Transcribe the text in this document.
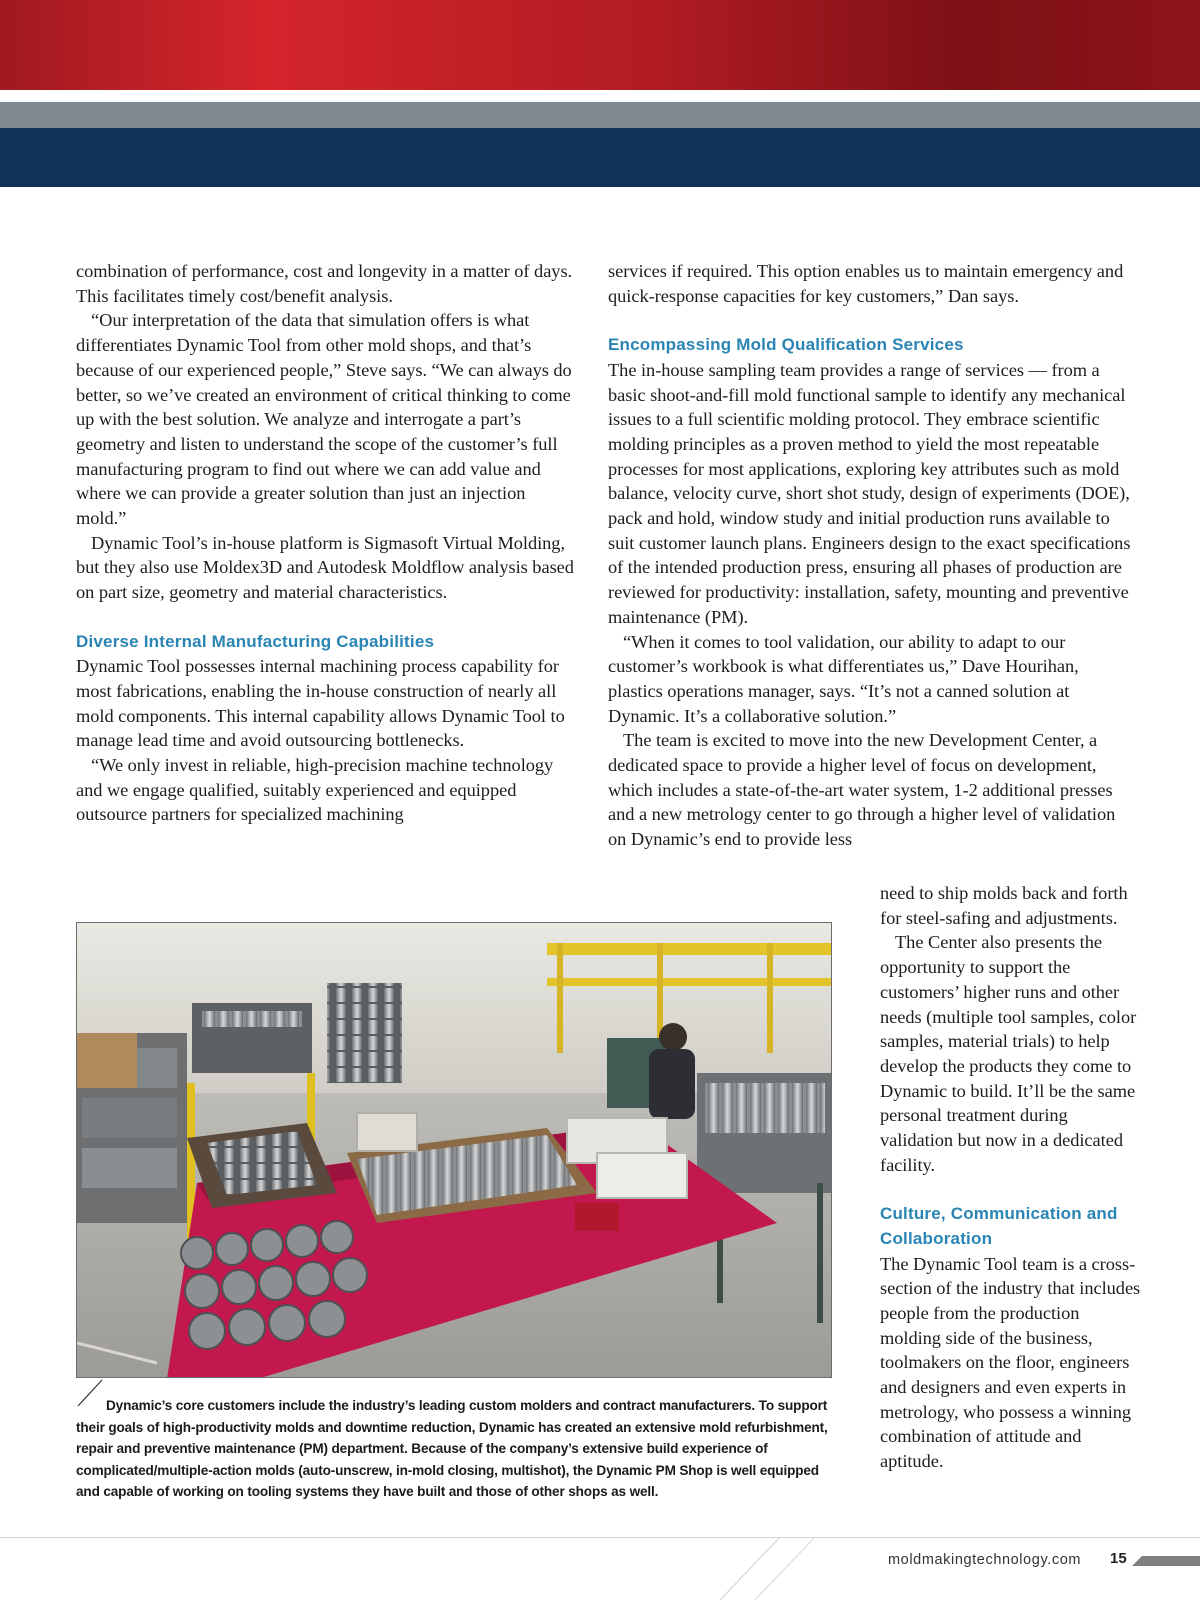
combination of performance, cost and longevity in a matter of days. This facilitates timely cost/benefit analysis.

“Our interpretation of the data that simulation offers is what differentiates Dynamic Tool from other mold shops, and that’s because of our experienced people,” Steve says. “We can always do better, so we’ve created an environment of critical thinking to come up with the best solution. We analyze and interrogate a part’s geometry and listen to understand the scope of the customer’s full manufacturing program to find out where we can add value and where we can provide a greater solution than just an injection mold.”

Dynamic Tool’s in-house platform is Sigmasoft Virtual Molding, but they also use Moldex3D and Autodesk Moldflow analysis based on part size, geometry and material characteristics.

Diverse Internal Manufacturing Capabilities

Dynamic Tool possesses internal machining process capability for most fabrications, enabling the in-house construction of nearly all mold components. This internal capability allows Dynamic Tool to manage lead time and avoid outsourcing bottlenecks.

“We only invest in reliable, high-precision machine technology and we engage qualified, suitably experienced and equipped outsource partners for specialized machining

services if required. This option enables us to maintain emergency and quick-response capacities for key customers,” Dan says.

Encompassing Mold Qualification Services

The in-house sampling team provides a range of services — from a basic shoot-and-fill mold functional sample to identify any mechanical issues to a full scientific molding protocol. They embrace scientific molding principles as a proven method to yield the most repeatable processes for most applications, exploring key attributes such as mold balance, velocity curve, short shot study, design of experiments (DOE), pack and hold, window study and initial production runs available to suit customer launch plans. Engineers design to the exact specifications of the intended production press, ensuring all phases of production are reviewed for productivity: installation, safety, mounting and preventive maintenance (PM).

“When it comes to tool validation, our ability to adapt to our customer’s workbook is what differentiates us,” Dave Hourihan, plastics operations manager, says. “It’s not a canned solution at Dynamic. It’s a collaborative solution.”

The team is excited to move into the new Development Center, a dedicated space to provide a higher level of focus on development, which includes a state-of-the-art water system, 1-2 additional presses and a new metrology center to go through a higher level of validation on Dynamic’s end to provide less

need to ship molds back and forth for steel-safing and adjustments.

The Center also presents the opportunity to support the customers’ higher runs and other needs (multiple tool samples, color samples, material trials) to help develop the products they come to Dynamic to build. It’ll be the same personal treatment during validation but now in a dedicated facility.

Culture, Communication and Collaboration

The Dynamic Tool team is a cross-section of the industry that includes people from the production molding side of the business, toolmakers on the floor, engineers and designers and even experts in metrology, who possess a winning combination of attitude and aptitude.

Dynamic’s core customers include the industry’s leading custom molders and contract manufacturers. To support their goals of high-productivity molds and downtime reduction, Dynamic has created an extensive mold refurbishment, repair and preventive maintenance (PM) department. Because of the company’s extensive build experience of complicated/multiple-action molds (auto-unscrew, in-mold closing, multishot), the Dynamic PM Shop is well equipped and capable of working on tooling systems they have built and those of other shops as well.

moldmakingtechnology.com 15
